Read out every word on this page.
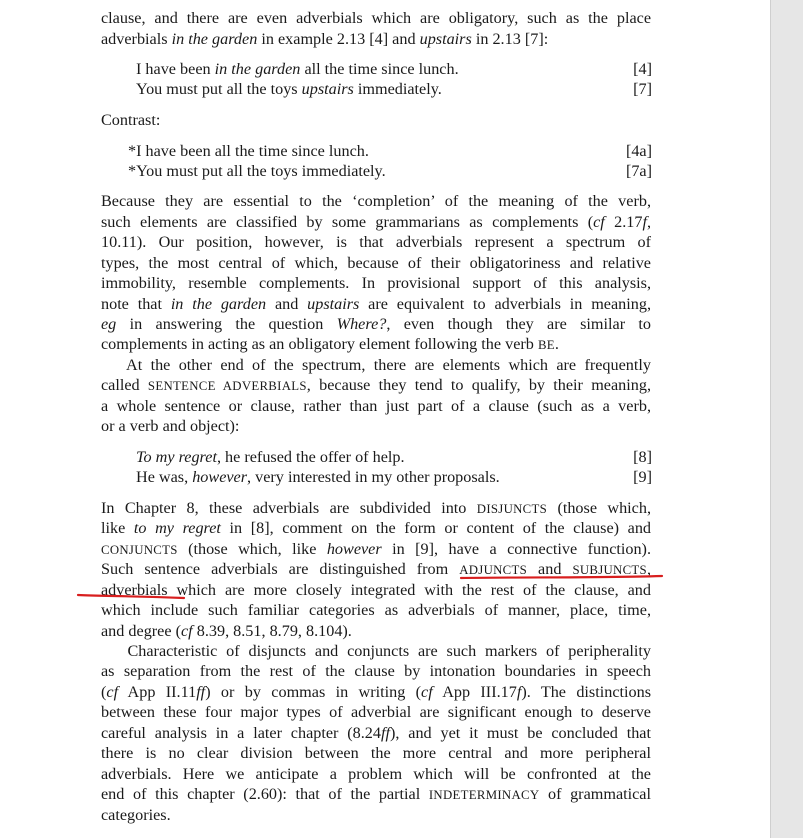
clause, and there are even adverbials which are obligatory, such as the place
adverbials in the garden in example 2.13 [4] and upstairs in 2.13 [7]:
I have been in the garden all the time since lunch.	[4]
You must put all the toys upstairs immediately.	[7]
Contrast:
*I have been all the time since lunch.	[4a]
*You must put all the toys immediately.	[7a]
Because they are essential to the ‘completion’ of the meaning of the verb,
such elements are classified by some grammarians as complements (cf 2.17f,
10.11). Our position, however, is that adverbials represent a spectrum of
types, the most central of which, because of their obligatoriness and relative
immobility, resemble complements. In provisional support of this analysis,
note that in the garden and upstairs are equivalent to adverbials in meaning,
eg in answering the question Where?, even though they are similar to
complements in acting as an obligatory element following the verb BE.
At the other end of the spectrum, there are elements which are frequently
called SENTENCE ADVERBIALS, because they tend to qualify, by their meaning,
a whole sentence or clause, rather than just part of a clause (such as a verb,
or a verb and object):
To my regret, he refused the offer of help.	[8]
He was, however, very interested in my other proposals.	[9]
In Chapter 8, these adverbials are subdivided into DISJUNCTS (those which,
like to my regret in [8], comment on the form or content of the clause) and
CONJUNCTS (those which, like however in [9], have a connective function).
Such sentence adverbials are distinguished from ADJUNCTS and SUBJUNCTS,
adverbials which are more closely integrated with the rest of the clause, and
which include such familiar categories as adverbials of manner, place, time,
and degree (cf 8.39, 8.51, 8.79, 8.104).
Characteristic of disjuncts and conjuncts are such markers of peripherality
as separation from the rest of the clause by intonation boundaries in speech
(cf App II.11ff) or by commas in writing (cf App III.17f). The distinctions
between these four major types of adverbial are significant enough to deserve
careful analysis in a later chapter (8.24ff), and yet it must be concluded that
there is no clear division between the more central and more peripheral
adverbials. Here we anticipate a problem which will be confronted at the
end of this chapter (2.60): that of the partial INDETERMINACY of grammatical
categories.
